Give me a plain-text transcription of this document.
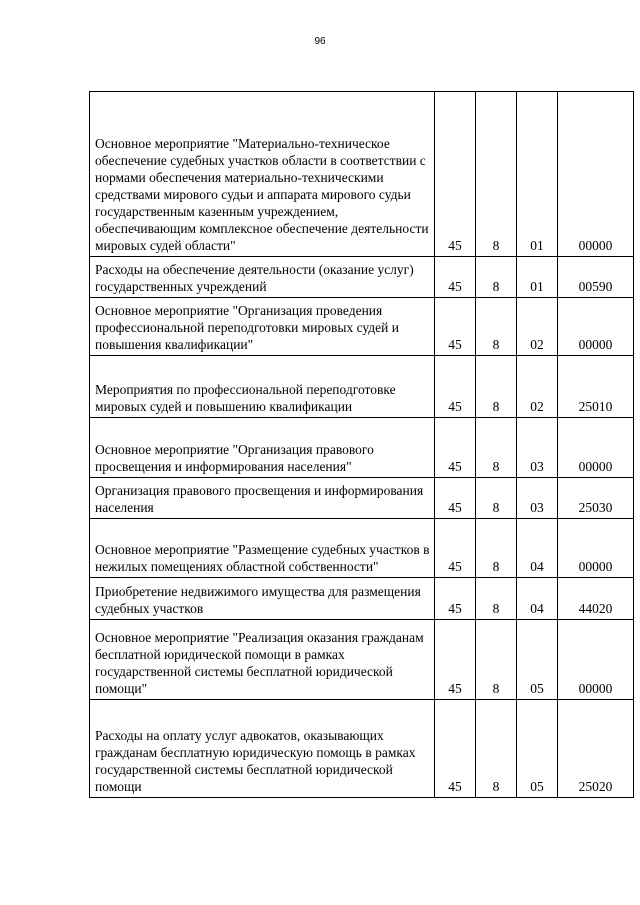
96
Основное мероприятие "Материально-техническое обеспечение судебных участков области в соответствии с нормами обеспечения материально-техническими средствами мирового судьи и аппарата мирового судьи государственным казенным учреждением, обеспечивающим комплексное обеспечение деятельности мировых судей области"	45	8	01	00000
Расходы на обеспечение деятельности (оказание услуг) государственных учреждений	45	8	01	00590
Основное мероприятие "Организация проведения профессиональной переподготовки мировых судей и повышения квалификации"	45	8	02	00000
Мероприятия по профессиональной переподготовке мировых судей и повышению квалификации	45	8	02	25010
Основное мероприятие "Организация правового просвещения и информирования населения"	45	8	03	00000
Организация правового просвещения и информирования населения	45	8	03	25030
Основное мероприятие "Размещение судебных участков в нежилых помещениях областной собственности"	45	8	04	00000
Приобретение недвижимого имущества для размещения судебных участков	45	8	04	44020
Основное мероприятие "Реализация оказания гражданам бесплатной юридической помощи в рамках государственной системы бесплатной юридической помощи"	45	8	05	00000
Расходы на оплату услуг адвокатов, оказывающих гражданам бесплатную юридическую помощь в рамках государственной системы бесплатной юридической помощи	45	8	05	25020
